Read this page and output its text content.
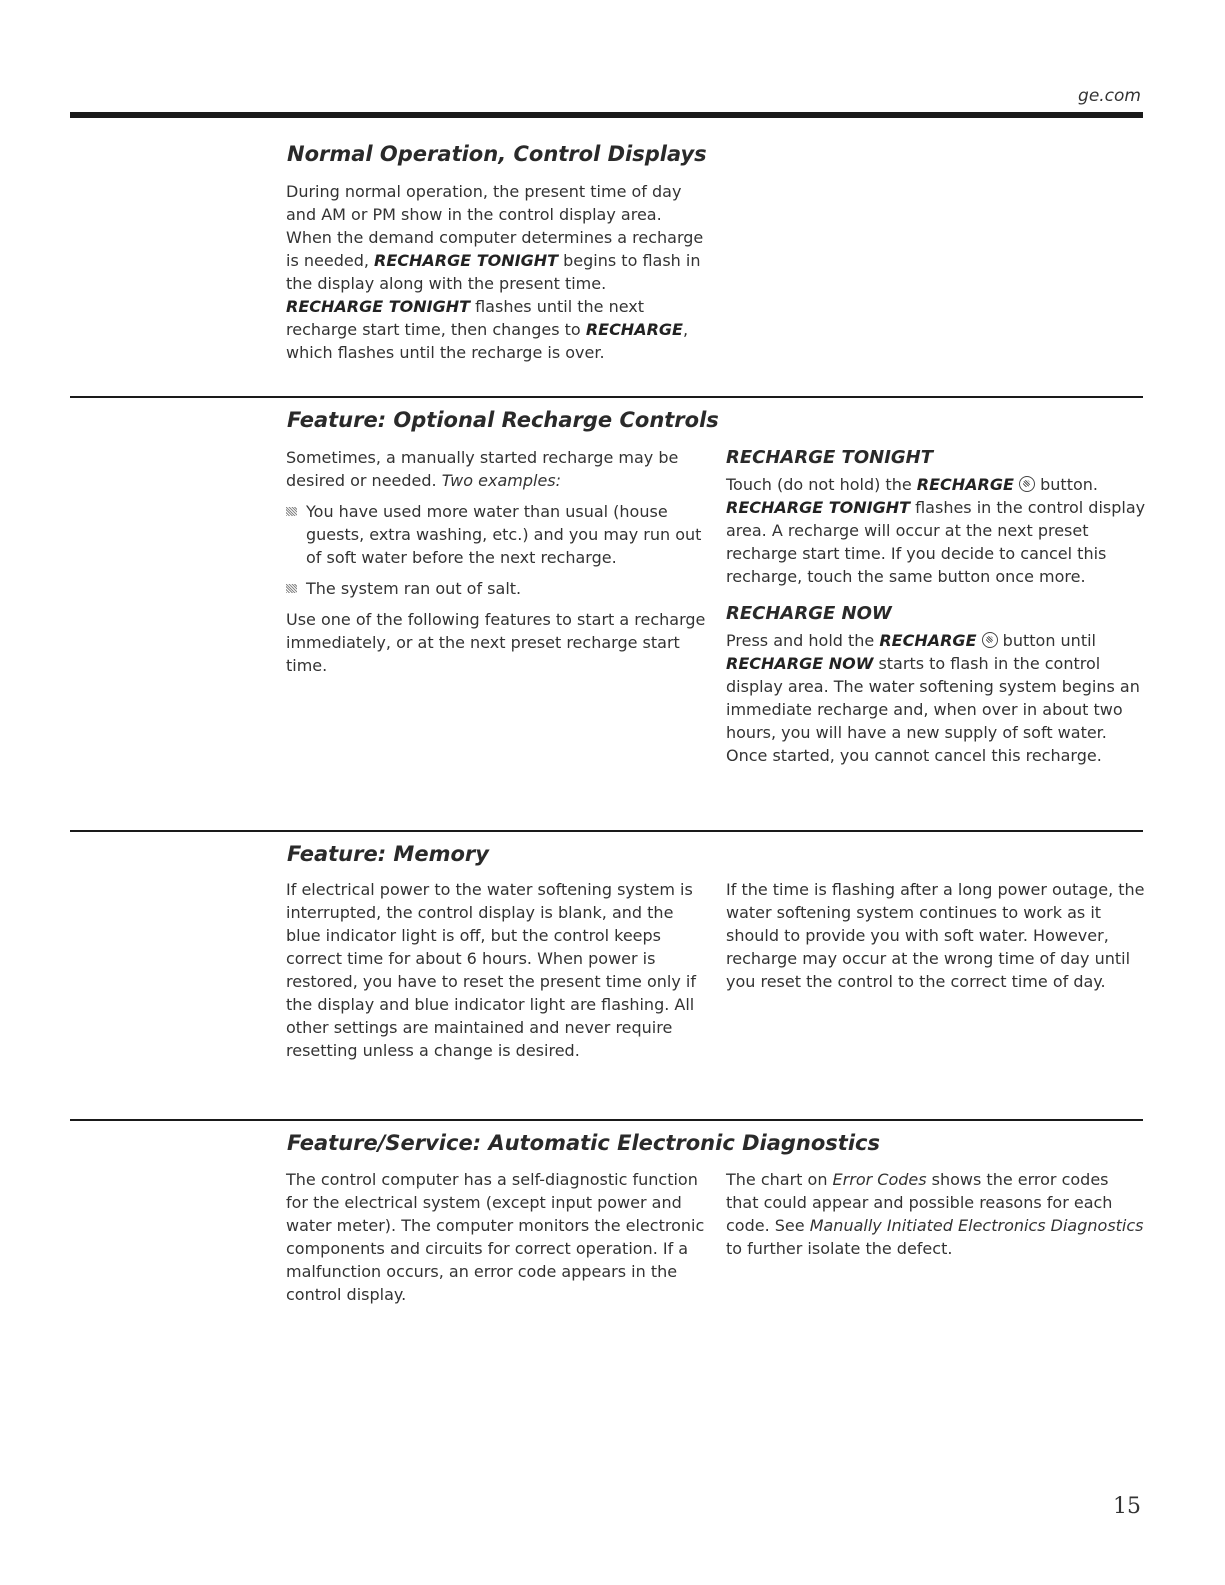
ge.com
Normal Operation, Control Displays

During normal operation, the present time of day and AM or PM show in the control display area. When the demand computer determines a recharge is needed, RECHARGE TONIGHT begins to flash in the display along with the present time. RECHARGE TONIGHT flashes until the next recharge start time, then changes to RECHARGE, which flashes until the recharge is over.

Feature: Optional Recharge Controls

Sometimes, a manually started recharge may be desired or needed. Two examples:

You have used more water than usual (house guests, extra washing, etc.) and you may run out of soft water before the next recharge.
The system ran out of salt.

Use one of the following features to start a recharge immediately, or at the next preset recharge start time.

RECHARGE TONIGHT

Touch (do not hold) the RECHARGE  button. RECHARGE TONIGHT flashes in the control display area. A recharge will occur at the next preset recharge start time. If you decide to cancel this recharge, touch the same button once more.

RECHARGE NOW

Press and hold the RECHARGE  button until RECHARGE NOW starts to flash in the control display area. The water softening system begins an immediate recharge and, when over in about two hours, you will have a new supply of soft water. Once started, you cannot cancel this recharge.

Feature: Memory

If electrical power to the water softening system is interrupted, the control display is blank, and the blue indicator light is off, but the control keeps correct time for about 6 hours. When power is restored, you have to reset the present time only if the display and blue indicator light are flashing. All other settings are maintained and never require resetting unless a change is desired.

If the time is flashing after a long power outage, the water softening system continues to work as it should to provide you with soft water. However, recharge may occur at the wrong time of day until you reset the control to the correct time of day.

Feature/Service: Automatic Electronic Diagnostics

The control computer has a self-diagnostic function for the electrical system (except input power and water meter). The computer monitors the electronic components and circuits for correct operation. If a malfunction occurs, an error code appears in the control display.

The chart on Error Codes shows the error codes that could appear and possible reasons for each code. See Manually Initiated Electronics Diagnostics to further isolate the defect.

15
